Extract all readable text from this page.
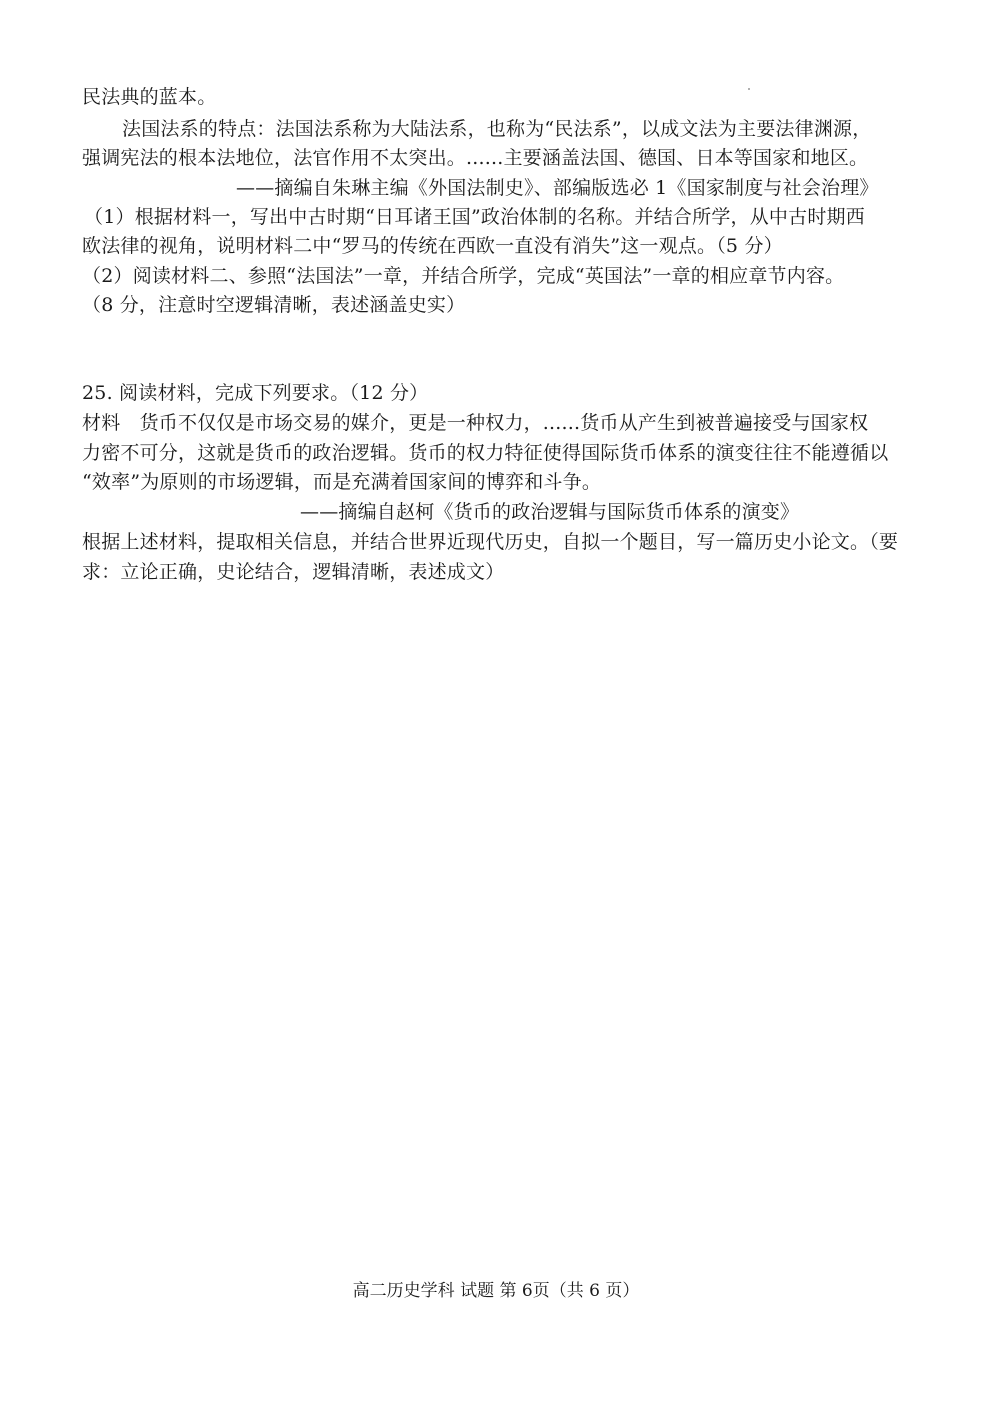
民法典的蓝本。
法国法系的特点：法国法系称为大陆法系，也称为“民法系”，以成文法为主要法律渊源，
强调宪法的根本法地位，法官作用不太突出。......主要涵盖法国、德国、日本等国家和地区。
——摘编自朱琳主编《外国法制史》、部编版选必 1《国家制度与社会治理》
（1）根据材料一，写出中古时期“日耳诸王国”政治体制的名称。并结合所学，从中古时期西
欧法律的视角，说明材料二中“罗马的传统在西欧一直没有消失”这一观点。（5 分）
（2）阅读材料二、参照“法国法”一章，并结合所学，完成“英国法”一章的相应章节内容。
（8 分，注意时空逻辑清晰，表述涵盖史实）
25. 阅读材料，完成下列要求。（12 分）
材料　货币不仅仅是市场交易的媒介，更是一种权力，......货币从产生到被普遍接受与国家权
力密不可分，这就是货币的政治逻辑。货币的权力特征使得国际货币体系的演变往往不能遵循以
“效率”为原则的市场逻辑，而是充满着国家间的博弈和斗争。
——摘编自赵柯《货币的政治逻辑与国际货币体系的演变》
根据上述材料，提取相关信息，并结合世界近现代历史，自拟一个题目，写一篇历史小论文。（要
求：立论正确，史论结合，逻辑清晰，表述成文）
高二历史学科 试题 第 6页（共 6 页）
